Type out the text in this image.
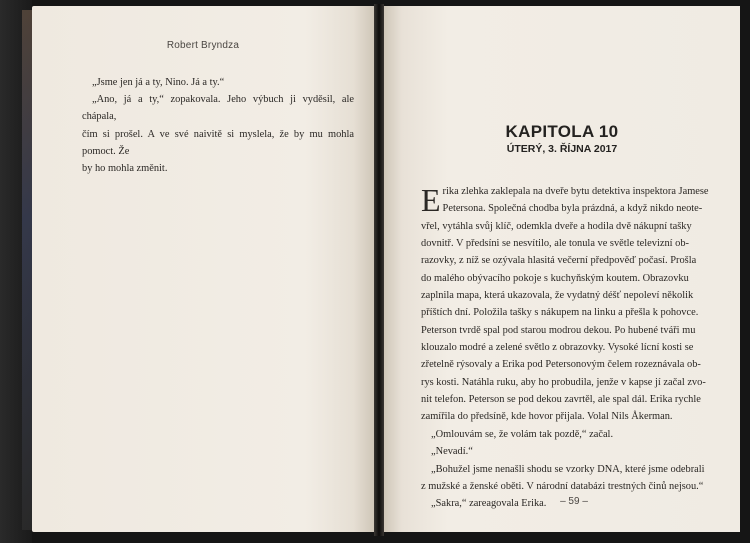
Robert Bryndza
„Jsme jen já a ty, Nino. Já a ty.“
„Ano, já a ty,“ zopakovala. Jeho výbuch ji vyděsil, ale chápala,
čím si prošel. A ve své naivitě si myslela, že by mu mohla pomoct. Že
by ho mohla změnit.
KAPITOLA 10
ÚTERÝ, 3. ŘÍJNA 2017
E rika zlehka zaklepala na dveře bytu detektiva inspektora Jamese
Petersona. Společná chodba byla prázdná, a když nikdo neote-
vřel, vytáhla svůj klíč, odemkla dveře a hodila dvě nákupní tašky
dovnitř. V předsíni se nesvítilo, ale tonula ve světle televizní ob-
razovky, z níž se ozývala hlasitá večerní předpověď počasí. Prošla
do malého obývacího pokoje s kuchyňským koutem. Obrazovku
zaplnila mapa, která ukazovala, že vydatný déšť nepoleví několik
příštích dní. Položila tašky s nákupem na linku a přešla k pohovce.
Peterson tvrdě spal pod starou modrou dekou. Po hubené tváři mu
klouzalo modré a zelené světlo z obrazovky. Vysoké lícní kosti se
zřetelně rýsovaly a Erika pod Petersonovým čelem rozeznávala ob-
rys kosti. Natáhla ruku, aby ho probudila, jenže v kapse jí začal zvo-
nit telefon. Peterson se pod dekou zavrtěl, ale spal dál. Erika rychle
zamířila do předsíně, kde hovor přijala. Volal Nils Åkerman.
„Omlouvám se, že volám tak pozdě,“ začal.
„Nevadí.“
„Bohužel jsme nenašli shodu se vzorky DNA, které jsme odebrali
z mužské a ženské oběti. V národní databázi trestných činů nejsou.“
„Sakra,“ zareagovala Erika.	– 59 –
